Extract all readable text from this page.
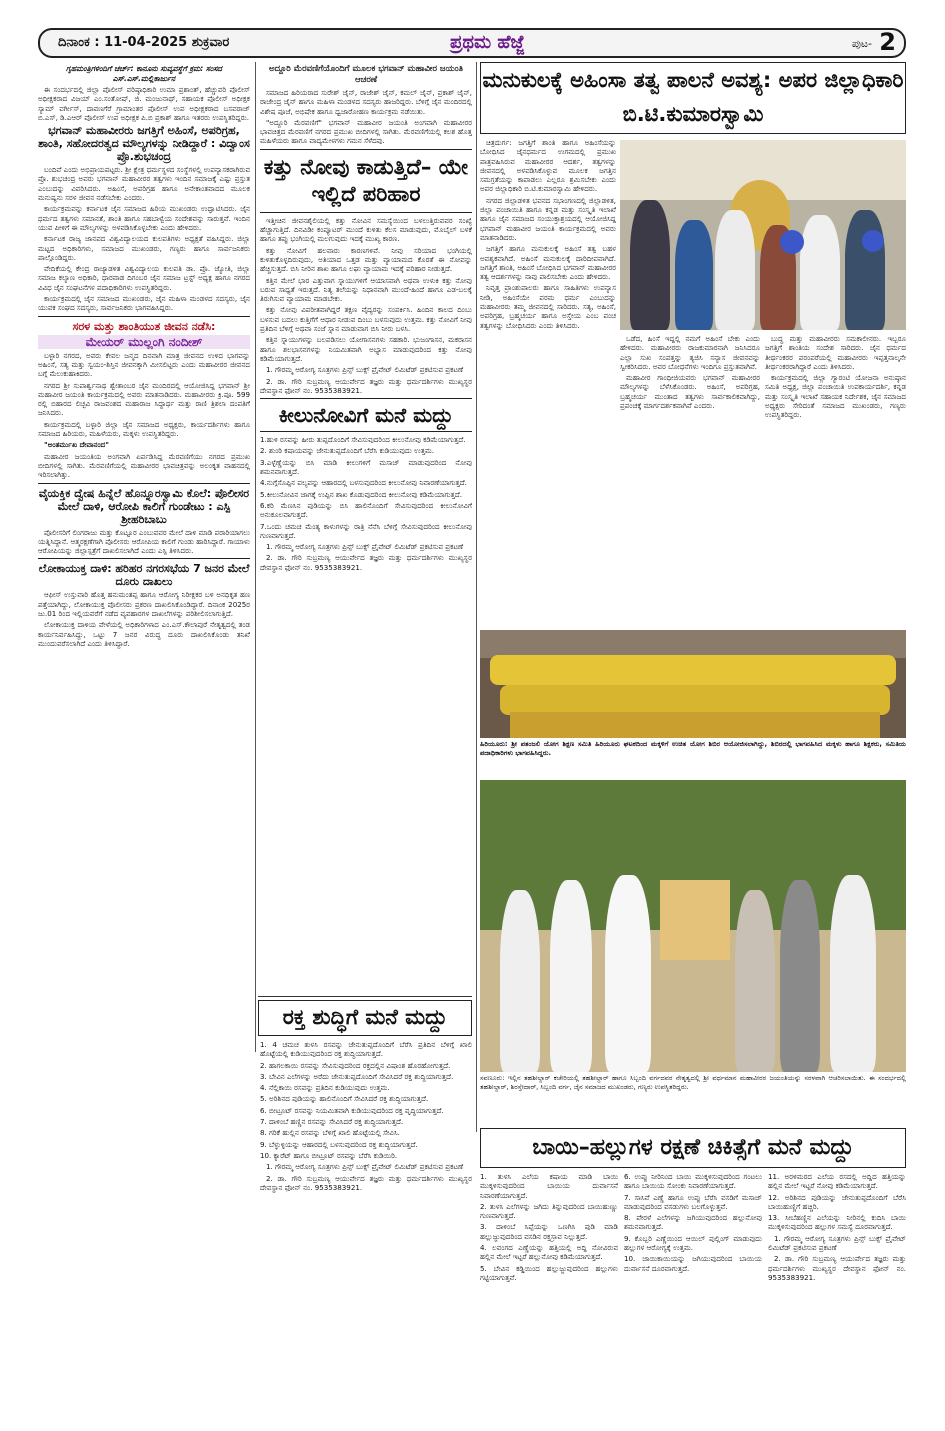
ದಿನಾಂಕ : 11-04-2025 ಶುಕ್ರವಾರ	ಪ್ರಥಮ ಹೆಜ್ಜೆ	ಪುಟ- 2
ಗೃಹಮಂತ್ರಿಗಳಿಂದಿಗೆ ಚರ್ಚ್: ಕಾನೂನು ಸುವ್ಯವಸ್ಥೆಗೆ ಕ್ರಮ: ಸಂಸದ ಎಸ್.ಎಸ್.ಮಲ್ಲಿಕಾರ್ಜುನ

ಈ ಸಂದರ್ಭದಲ್ಲಿ ಜಿಲ್ಲಾ ಪೊಲೀಸ್ ವರಿಷ್ಠಾಧಿಕಾರಿ ಉಮಾ ಪ್ರಶಾಂತ್, ಹೆಚ್ಚುವರಿ ಪೊಲೀಸ್ ಅಧೀಕ್ಷಕರಾದ ವಿಜಯ್ ಎಂ.ಸಂತೋಷ್, ಜಿ. ಮಂಜುನಾಥ್, ಸಹಾಯಕ ಪೊಲೀಸ್ ಅಧೀಕ್ಷಕ ಸ್ಯಾಮ್ ವರ್ಗೀಸ್, ದಾವಣಗೆರೆ ಗ್ರಾಮಾಂತರ ಪೊಲೀಸ್ ಉಪ ಅಧೀಕ್ಷಕರಾದ ಬಸವರಾಜ್ ಬಿ.ಎಸ್, ಡಿ.ಎಆರ್ ಪೊಲೀಸ್ ಉಪ ಅಧೀಕ್ಷಕ ಪಿ.ಬಿ ಪ್ರಕಾಶ್ ಹಾಗೂ ಇತರರು ಉಪಸ್ಥಿತರಿದ್ದರು.

ಭಗವಾನ್ ಮಹಾವೀರರು ಜಗತ್ತಿಗೆ ಅಹಿಂಸೆ, ಅಪರಿಗ್ರಹ, ಶಾಂತಿ, ಸಹೋದರತ್ವದ ಮೌಲ್ಯಗಳನ್ನು ನೀಡಿದ್ದಾರೆ : ವಿದ್ವಾಂಸ ಪ್ರೊ.ಶುಭಚಂದ್ರ

ಬಂದಿವೆ ಎಂದು ಅಭಿಪ್ರಾಯಪಟ್ಟರು. ಶ್ರೀ ಕ್ಷೇತ್ರ ಧರ್ಮಸ್ಥಳದ ಸಂಸ್ಥೆಗಳಲ್ಲಿ ಉಪನ್ಯಾಸಕರಾಗಿರುವ ಪ್ರೊ. ಶುಭಚಂದ್ರ ಅವರು ಭಗವಾನ್ ಮಹಾವೀರರ ತತ್ವಗಳು ಇಂದಿನ ಸಮಾಜಕ್ಕೆ ಎಷ್ಟು ಪ್ರಸ್ತುತ ಎಂಬುದನ್ನು ವಿವರಿಸಿದರು. ಅಹಿಂಸೆ, ಅಪರಿಗ್ರಹ ಹಾಗೂ ಅನೇಕಾಂತವಾದದ ಮೂಲಕ ಮನುಷ್ಯನು ಸರಳ ಜೀವನ ನಡೆಸಬೇಕು ಎಂದರು.

ಕಾರ್ಯಕ್ರಮವನ್ನು ಕರ್ನಾಟಕ ಜೈನ ಸಮಾಜದ ಹಿರಿಯ ಮುಖಂಡರು ಉದ್ಘಾಟಿಸಿದರು. ಜೈನ ಧರ್ಮದ ತತ್ವಗಳು ಸಮಾನತೆ, ಶಾಂತಿ ಹಾಗೂ ಸಹಬಾಳ್ವೆಯ ಸಂದೇಶವನ್ನು ಸಾರುತ್ತವೆ. ಇಂದಿನ ಯುವ ಪೀಳಿಗೆ ಈ ಮೌಲ್ಯಗಳನ್ನು ಅಳವಡಿಸಿಕೊಳ್ಳಬೇಕು ಎಂದು ಹೇಳಿದರು.

ಕರ್ನಾಟಕ ರಾಜ್ಯ ಜಾನಪದ ವಿಶ್ವವಿದ್ಯಾಲಯದ ಕುಲಪತಿಗಳು ಅಧ್ಯಕ್ಷತೆ ವಹಿಸಿದ್ದರು. ಜಿಲ್ಲಾ ಮಟ್ಟದ ಅಧಿಕಾರಿಗಳು, ಸಮಾಜದ ಮುಖಂಡರು, ಗಣ್ಯರು ಹಾಗೂ ಸಾರ್ವಜನಿಕರು ಪಾಲ್ಗೊಂಡಿದ್ದರು.

ವೇದಿಕೆಯಲ್ಲಿ ಕೇಂದ್ರ ರಾಜ್ಯಾಡಳಿತ ವಿಶ್ವವಿದ್ಯಾಲಯ ಕುಲಪತಿ ಡಾ. ಪ್ರೊ. ಜ್ಯೋತಿ, ಜಿಲ್ಲಾ ಸಮಾಜ ಕಲ್ಯಾಣ ಅಧಿಕಾರಿ, ಧಾರವಾಡ ದಿಗಂಬರ ಜೈನ ಸಮಾಜ ಟ್ರಸ್ಟ್ ಅಧ್ಯಕ್ಷ ಹಾಗೂ ನಗರದ ವಿವಿಧ ಜೈನ ಸಂಘಟನೆಗಳ ಪದಾಧಿಕಾರಿಗಳು ಉಪಸ್ಥಿತರಿದ್ದರು.

ಕಾರ್ಯಕ್ರಮದಲ್ಲಿ ಜೈನ ಸಮಾಜದ ಮುಖಂಡರು, ಜೈನ ಮಹಿಳಾ ಮಂಡಳದ ಸದಸ್ಯರು, ಜೈನ ಯುವಕ ಸಂಘದ ಸದಸ್ಯರು, ಸಾರ್ವಜನಿಕರು ಭಾಗವಹಿಸಿದ್ದರು.

ಸರಳ ಮತ್ತು ಶಾಂತಿಯುತ ಜೀವನ ನಡೆಸಿ:
ಮೇಯರ್ ಮುಲ್ಲಂಗಿ ನಂದೀಶ್

ಬಳ್ಳಾರಿ ನಗರದ, ಅವರು ಕೇವಲ ಜನ್ಮದ ದಿನವಾಗಿ ಮಾತ್ರ ಜೀವನದ ಉಳಿದ ಭಾಗವನ್ನು ಅಹಿಂಸೆ, ಸತ್ಯ ಮತ್ತು ಸ್ವಯಂ-ಶಿಸ್ತಿನ ಜೀವನಕ್ಕಾಗಿ ಮೀಸಲಿಟ್ಟರು ಎಂದು ಮಹಾವೀರರ ಜೀವನದ ಬಗ್ಗೆ ಮೆಲುಕುಹಾಕಿದರು.

ನಗರದ ಶ್ರೀ ಸುಪಾರ್ಶ್ವನಾಥ ಶ್ವೇತಾಂಬರ ಜೈನ ಮಂದಿರದಲ್ಲಿ ಆಯೋಜಿಸಿದ್ದ ಭಗವಾನ್ ಶ್ರೀ ಮಹಾವೀರ ಜಯಂತಿ ಕಾರ್ಯಕ್ರಮದಲ್ಲಿ ಅವರು ಮಾತನಾಡಿದರು. ಮಹಾವೀರರು ಕ್ರಿ.ಪೂ. 599 ರಲ್ಲಿ ಬಿಹಾರದ ಲಿಚ್ಛವಿ ರಾಜವಂಶದ ಮಹಾರಾಜ ಸಿದ್ಧಾರ್ಥ ಮತ್ತು ರಾಣಿ ತ್ರಿಶಲಾ ದಂಪತಿಗೆ ಜನಿಸಿದರು.

ಕಾರ್ಯಕ್ರಮದಲ್ಲಿ ಬಳ್ಳಾರಿ ಜಿಲ್ಲಾ ಜೈನ ಸಮಾಜದ ಅಧ್ಯಕ್ಷರು, ಕಾರ್ಯದರ್ಶಿಗಳು ಹಾಗೂ ಸಮಾಜದ ಹಿರಿಯರು, ಮಹಿಳೆಯರು, ಮಕ್ಕಳು ಉಪಸ್ಥಿತರಿದ್ದರು.

"ಅಂತರ್ಮುಖ ದೇವಾನಂದ"

ಮಹಾವೀರ ಜಯಂತಿಯ ಅಂಗವಾಗಿ ಏರ್ಪಡಿಸಿದ್ದ ಮೆರವಣಿಗೆಯು ನಗರದ ಪ್ರಮುಖ ಬೀದಿಗಳಲ್ಲಿ ಸಾಗಿತು. ಮೆರವಣಿಗೆಯಲ್ಲಿ ಮಹಾವೀರರ ಭಾವಚಿತ್ರವನ್ನು ಅಲಂಕೃತ ವಾಹನದಲ್ಲಿ ಇರಿಸಲಾಗಿತ್ತು.

ವೈಯಕ್ತಿಕ ದ್ವೇಷ ಹಿನ್ನೆಲೆ ಹೊನ್ನೂರಸ್ವಾಮಿ ಕೊಲೆ: ಪೊಲೀಸರ ಮೇಲೆ ದಾಳಿ, ಆರೋಪಿ ಕಾಲಿಗೆ ಗುಂಡೇಟು : ಎಸ್ಪಿ ಶ್ರೀಹರಿಬಾಬು

ಪೊಲೀಸರಿಗೆ ಲಿಂಗರಾಜು ಮತ್ತು ಕೊಟ್ಟೂರ ಎಂಬುವವರ ಮೇಲೆ ದಾಳಿ ಮಾಡಿ ಪರಾರಿಯಾಗಲು ಯತ್ನಿಸಿದ್ದಾನೆ. ಆತ್ಮರಕ್ಷಣೆಗಾಗಿ ಪೊಲೀಸರು ಆರೋಪಿಯ ಕಾಲಿಗೆ ಗುಂಡು ಹಾರಿಸಿದ್ದಾರೆ. ಗಾಯಾಳು ಆರೋಪಿಯನ್ನು ಜಿಲ್ಲಾಸ್ಪತ್ರೆಗೆ ದಾಖಲಿಸಲಾಗಿದೆ ಎಂದು ಎಸ್ಪಿ ತಿಳಿಸಿದರು.

ಲೋಕಾಯುಕ್ತ ದಾಳಿ: ಹರಿಹರ ನಗರಸಭೆಯ 7 ಜನರ ಮೇಲೆ ದೂರು ದಾಖಲು

ಆಫೀಸ್ ಉಸ್ತುವಾರಿ ಹೊತ್ತ ಹನುಮಂತಪ್ಪ ಹಾಗೂ ಆರೋಗ್ಯ ನಿರೀಕ್ಷಕರ ಬಳಿ ಅನಧಿಕೃತ ಹಣ ಪತ್ತೆಯಾಗಿದ್ದು, ಲೋಕಾಯುಕ್ತ ಪೊಲೀಸರು ಪ್ರಕರಣ ದಾಖಲಿಸಿಕೊಂಡಿದ್ದಾರೆ. ದಿನಾಂಕ 2025ರ ಜು.01 ರಿಂದ ಇಲ್ಲಿಯವರೆಗೆ ನಡೆದ ವ್ಯವಹಾರಗಳ ದಾಖಲೆಗಳನ್ನು ಪರಿಶೀಲಿಸಲಾಗುತ್ತಿದೆ.

ಲೋಕಾಯುಕ್ತ ದಾಳಿಯ ವೇಳೆಯಲ್ಲಿ ಅಧಿಕಾರಿಗಳಾದ ಎಂ.ಎಸ್.ಕೌಲಾಪುರೆ ನೇತೃತ್ವದಲ್ಲಿ ತಂಡ ಕಾರ್ಯನಿರ್ವಹಿಸಿದ್ದು, ಒಟ್ಟು 7 ಜನರ ವಿರುದ್ಧ ದೂರು ದಾಖಲಿಸಿಕೊಂಡು ತನಿಖೆ ಮುಂದುವರೆಸಲಾಗಿದೆ ಎಂದು ತಿಳಿಸಿದ್ದಾರೆ.

ಅದ್ದೂರಿ ಮೆರವಣಿಗೆಯೊಂದಿಗೆ ಮೂಲಕ ಭಗವಾನ್ ಮಹಾವೀರ ಜಯಂತಿ ಆಚರಣೆ

ಸಮಾಜದ ಹಿರಿಯರಾದ ಸುರೇಶ್ ಜೈನ್, ರಾಜೇಶ್ ಜೈನ್, ಕಮಲ್ ಜೈನ್, ಪ್ರಕಾಶ್ ಜೈನ್, ರಾಜೇಂದ್ರ ಜೈನ್ ಹಾಗೂ ಮಹಿಳಾ ಮಂಡಳದ ಸದಸ್ಯರು ಹಾಜರಿದ್ದರು. ಬೆಳಿಗ್ಗೆ ಜೈನ ಮಂದಿರದಲ್ಲಿ ವಿಶೇಷ ಪೂಜೆ, ಅಭಿಷೇಕ ಹಾಗೂ ಧ್ವಜಾರೋಹಣ ಕಾರ್ಯಕ್ರಮ ನಡೆಯಿತು.

"ಅದ್ದೂರಿ ಮೆರವಣಿಗೆ" ಭಗವಾನ್ ಮಹಾವೀರ ಜಯಂತಿ ಅಂಗವಾಗಿ ಮಹಾವೀರರ ಭಾವಚಿತ್ರದ ಮೆರವಣಿಗೆ ನಗರದ ಪ್ರಮುಖ ಬೀದಿಗಳಲ್ಲಿ ಸಾಗಿತು. ಮೆರವಣಿಗೆಯಲ್ಲಿ ಕಲಶ ಹೊತ್ತ ಮಹಿಳೆಯರು ಹಾಗೂ ವಾದ್ಯಮೇಳಗಳು ಗಮನ ಸೆಳೆದವು.

ಕತ್ತು ನೋವು ಕಾಡುತ್ತಿದೆ– ಯೇ ಇಲ್ಲಿದೆ ಪರಿಹಾರ

ಇತ್ತೀಚಿನ ಜೀವನಶೈಲಿಯಲ್ಲಿ ಕತ್ತು ನೋವಿನ ಸಮಸ್ಯೆಯಿಂದ ಬಳಲುತ್ತಿರುವವರ ಸಂಖ್ಯೆ ಹೆಚ್ಚಾಗುತ್ತಿದೆ. ದಿನವಿಡೀ ಕಂಪ್ಯೂಟರ್ ಮುಂದೆ ಕುಳಿತು ಕೆಲಸ ಮಾಡುವುದು, ಮೊಬೈಲ್ ಬಳಕೆ ಹಾಗೂ ತಪ್ಪು ಭಂಗಿಯಲ್ಲಿ ಮಲಗುವುದು ಇದಕ್ಕೆ ಮುಖ್ಯ ಕಾರಣ.

ಕತ್ತು ನೋವಿಗೆ ಹಲವಾರು ಕಾರಣಗಳಿವೆ. ನೀವು ಸರಿಯಾದ ಭಂಗಿಯಲ್ಲಿ ಕುಳಿತುಕೊಳ್ಳದಿರುವುದು, ಅತಿಯಾದ ಒತ್ತಡ ಮತ್ತು ವ್ಯಾಯಾಮದ ಕೊರತೆ ಈ ನೋವನ್ನು ಹೆಚ್ಚಿಸುತ್ತದೆ. ಬಿಸಿ ನೀರಿನ ಶಾಖ ಹಾಗೂ ಲಘು ವ್ಯಾಯಾಮ ಇದಕ್ಕೆ ಪರಿಹಾರ ನೀಡುತ್ತದೆ.

ಕತ್ತಿನ ಮೇಲೆ ಭಾರ ಎತ್ತುವಾಗ ಸ್ನಾಯುಗಳಿಗೆ ಆಯಾಸವಾಗಿ ಅಥವಾ ಉಳುಕಿ ಕತ್ತು ನೋವು ಬರುವ ಸಾಧ್ಯತೆ ಇರುತ್ತದೆ. ನಿತ್ಯ ತಲೆಯನ್ನು ನಿಧಾನವಾಗಿ ಮುಂದೆ-ಹಿಂದೆ ಹಾಗೂ ಎಡ-ಬಲಕ್ಕೆ ತಿರುಗಿಸುವ ವ್ಯಾಯಾಮ ಮಾಡಬೇಕು.

ಕತ್ತು ನೋವು ವಿಪರೀತವಾಗಿದ್ದರೆ ತಕ್ಷಣ ವೈದ್ಯರನ್ನು ಸಂಪರ್ಕಿಸಿ. ಹಿಂದಿನ ಕಾಲದ ದಿಂಬು ಬಳಸುವ ಬದಲು ಕುತ್ತಿಗೆಗೆ ಆಧಾರ ನೀಡುವ ದಿಂಬು ಬಳಸುವುದು ಉತ್ತಮ. ಕತ್ತು ನೋವಿಗೆ ನೀವು ಪ್ರತಿದಿನ ಬೆಳಿಗ್ಗೆ ಅಥವಾ ಸಂಜೆ ಸ್ನಾನ ಮಾಡುವಾಗ ಬಿಸಿ ನೀರು ಬಳಸಿ.

ಕತ್ತಿನ ಸ್ನಾಯುಗಳನ್ನು ಬಲಪಡಿಸಲು ಯೋಗಾಸನಗಳು ಸಹಕಾರಿ. ಭುಜಂಗಾಸನ, ಮಕರಾಸನ ಹಾಗೂ ಶಲಭಾಸನಗಳನ್ನು ನಿಯಮಿತವಾಗಿ ಅಭ್ಯಾಸ ಮಾಡುವುದರಿಂದ ಕತ್ತು ನೋವು ಕಡಿಮೆಯಾಗುತ್ತದೆ.

1. ಗೌರಮ್ಮ ಆರೋಗ್ಯ ಸೂತ್ರಗಳು ಪ್ರಿನ್ಸ್ ಬುಕ್ಸ್ ಪ್ರೈವೇಟ್ ಲಿಮಿಟೆಡ್ ಪ್ರಕಟಿಸುವ ಪ್ರಕಟಣೆ

2. ಡಾ. ಗೌರಿ ಸುಬ್ರಮಣ್ಯ ಆಯುರ್ವೇದ ತಜ್ಞರು ಮತ್ತು ಧರ್ಮದರ್ಶಿಗಳು ಮುಖ್ಯಸ್ಥರ ದೇವಸ್ಥಾನ ಫೋನ್ ನಂ. 9535383921.

ಕೀಲುನೋವಿಗೆ ಮನೆ ಮದ್ದು
1.ಹುಳಿ ರಸವನ್ನು ಹೀರು ತುಪ್ಪದೊಂದಿಗೆ ಸೇವಿಸುವುದರಿಂದ ಕೀಲುನೋವು ಕಡಿಮೆಯಾಗುತ್ತದೆ.
2. ಶುಂಠಿ ಕಷಾಯವನ್ನು ಜೇನುತುಪ್ಪದೊಂದಿಗೆ ಬೆರೆಸಿ ಕುಡಿಯುವುದು ಉತ್ತಮ.
3.ಎಳ್ಳೆಣ್ಣೆಯನ್ನು ಬಿಸಿ ಮಾಡಿ ಕೀಲುಗಳಿಗೆ ಮಸಾಜ್ ಮಾಡುವುದರಿಂದ ನೋವು ಶಮನವಾಗುತ್ತದೆ.
4.ನುಗ್ಗೆಸೊಪ್ಪಿನ ಪಲ್ಯವನ್ನು ಆಹಾರದಲ್ಲಿ ಬಳಸುವುದರಿಂದ ಕೀಲುನೋವು ನಿವಾರಣೆಯಾಗುತ್ತದೆ.
5.ಕೀಲುನೋವಿನ ಜಾಗಕ್ಕೆ ಉಪ್ಪಿನ ಶಾಖ ಕೊಡುವುದರಿಂದ ಕೀಲುನೋವು ಕಡಿಮೆಯಾಗುತ್ತದೆ.
6.ಕರಿ ಮೆಣಸಿನ ಪುಡಿಯನ್ನು ಬಿಸಿ ಹಾಲಿನೊಂದಿಗೆ ಸೇವಿಸುವುದರಿಂದ ಕೀಲುನೋವಿಗೆ ಅನುಕೂಲವಾಗುತ್ತದೆ.
7.ಒಂದು ಚಮಚ ಮೆಂತ್ಯ ಕಾಳುಗಳನ್ನು ರಾತ್ರಿ ನೆನೆಸಿ ಬೆಳಿಗ್ಗೆ ಸೇವಿಸುವುದರಿಂದ ಕೀಲುನೋವು ಗುಣವಾಗುತ್ತದೆ.

1. ಗೌರಮ್ಮ ಆರೋಗ್ಯ ಸೂತ್ರಗಳು ಪ್ರಿನ್ಸ್ ಬುಕ್ಸ್ ಪ್ರೈವೇಟ್ ಲಿಮಿಟೆಡ್ ಪ್ರಕಟಿಸುವ ಪ್ರಕಟಣೆ

2. ಡಾ. ಗೌರಿ ಸುಬ್ರಮಣ್ಯ ಆಯುರ್ವೇದ ತಜ್ಞರು ಮತ್ತು ಧರ್ಮದರ್ಶಿಗಳು ಮುಖ್ಯಸ್ಥರ ದೇವಸ್ಥಾನ ಫೋನ್ ನಂ. 9535383921.

ರಕ್ತ ಶುದ್ಧಿಗೆ ಮನೆ ಮದ್ದು
1. 4 ಚಮಚ ತುಳಸಿ ರಸವನ್ನು ಜೇನುತುಪ್ಪದೊಂದಿಗೆ ಬೆರೆಸಿ ಪ್ರತಿದಿನ ಬೆಳಿಗ್ಗೆ ಖಾಲಿ ಹೊಟ್ಟೆಯಲ್ಲಿ ಕುಡಿಯುವುದರಿಂದ ರಕ್ತ ಶುದ್ಧಿಯಾಗುತ್ತದೆ.
2. ಹಾಗಲಕಾಯಿ ರಸವನ್ನು ಸೇವಿಸುವುದರಿಂದ ರಕ್ತದಲ್ಲಿನ ವಿಷಾಂಶ ಹೊರಹೋಗುತ್ತದೆ.
3. ಬೇವಿನ ಎಲೆಗಳನ್ನು ಅರೆದು ಜೇನುತುಪ್ಪದೊಂದಿಗೆ ಸೇವಿಸಿದರೆ ರಕ್ತ ಶುದ್ಧಿಯಾಗುತ್ತದೆ.
4. ನೆಲ್ಲಿಕಾಯಿ ರಸವನ್ನು ಪ್ರತಿದಿನ ಕುಡಿಯುವುದು ಉತ್ತಮ.
5. ಅರಿಶಿನದ ಪುಡಿಯನ್ನು ಹಾಲಿನೊಂದಿಗೆ ಸೇವಿಸಿದರೆ ರಕ್ತ ಶುದ್ಧಿಯಾಗುತ್ತದೆ.
6. ಬೀಟ್ರೂಟ್ ರಸವನ್ನು ನಿಯಮಿತವಾಗಿ ಕುಡಿಯುವುದರಿಂದ ರಕ್ತ ವೃದ್ಧಿಯಾಗುತ್ತದೆ.
7. ದಾಳಿಂಬೆ ಹಣ್ಣಿನ ರಸವನ್ನು ಸೇವಿಸಿದರೆ ರಕ್ತ ಶುದ್ಧಿಯಾಗುತ್ತದೆ.
8. ಗರಿಕೆ ಹುಲ್ಲಿನ ರಸವನ್ನು ಬೆಳಿಗ್ಗೆ ಖಾಲಿ ಹೊಟ್ಟೆಯಲ್ಲಿ ಸೇವಿಸಿ.
9. ಬೆಳ್ಳುಳ್ಳಿಯನ್ನು ಆಹಾರದಲ್ಲಿ ಬಳಸುವುದರಿಂದ ರಕ್ತ ಶುದ್ಧಿಯಾಗುತ್ತದೆ.
10. ಕ್ಯಾರೆಟ್ ಹಾಗೂ ಬೀಟ್ರೂಟ್ ರಸವನ್ನು ಬೆರೆಸಿ ಕುಡಿಯಿರಿ.

1. ಗೌರಮ್ಮ ಆರೋಗ್ಯ ಸೂತ್ರಗಳು ಪ್ರಿನ್ಸ್ ಬುಕ್ಸ್ ಪ್ರೈವೇಟ್ ಲಿಮಿಟೆಡ್ ಪ್ರಕಟಿಸುವ ಪ್ರಕಟಣೆ

2. ಡಾ. ಗೌರಿ ಸುಬ್ರಮಣ್ಯ ಆಯುರ್ವೇದ ತಜ್ಞರು ಮತ್ತು ಧರ್ಮದರ್ಶಿಗಳು ಮುಖ್ಯಸ್ಥರ ದೇವಸ್ಥಾನ ಫೋನ್ ನಂ. 9535383921.

ಮನುಕುಲಕ್ಕೆ ಅಹಿಂಸಾ ತತ್ವ ಪಾಲನೆ ಅವಶ್ಯ: ಅಪರ ಜಿಲ್ಲಾಧಿಕಾರಿ ಬಿ.ಟಿ.ಕುಮಾರಸ್ವಾಮಿ

ಚಿತ್ರದುರ್ಗ: ಜಗತ್ತಿಗೆ ಶಾಂತಿ ಹಾಗೂ ಅಹಿಂಸೆಯನ್ನು ಬೋಧಿಸಿದ ಜೈನಧರ್ಮದ ಉಗಮದಲ್ಲಿ ಪ್ರಮುಖ ಪಾತ್ರವಹಿಸಿರುವ ಮಹಾವೀರರ ಆದರ್ಶ, ತತ್ವಗಳನ್ನು ಜೀವನದಲ್ಲಿ ಅಳವಡಿಸಿಕೊಳ್ಳುವ ಮೂಲಕ ಜಗತ್ತಿನ ಸಮಗ್ರತೆಯನ್ನು ಕಾಪಾಡಲು ಎಲ್ಲರೂ ಶ್ರಮಿಸಬೇಕು ಎಂದು ಅಪರ ಜಿಲ್ಲಾಧಿಕಾರಿ ಬಿ.ಟಿ.ಕುಮಾರಸ್ವಾಮಿ ಹೇಳಿದರು.

ನಗರದ ಜಿಲ್ಲಾಡಳಿತ ಭವನದ ಸಭಾಂಗಣದಲ್ಲಿ ಜಿಲ್ಲಾಡಳಿತ, ಜಿಲ್ಲಾ ಪಂಚಾಯಿತಿ ಹಾಗೂ ಕನ್ನಡ ಮತ್ತು ಸಂಸ್ಕೃತಿ ಇಲಾಖೆ ಹಾಗೂ ಜೈನ ಸಮಾಜದ ಸಂಯುಕ್ತಾಶ್ರಯದಲ್ಲಿ ಆಯೋಜಿಸಿದ್ದ ಭಗವಾನ್ ಮಹಾವೀರ ಜಯಂತಿ ಕಾರ್ಯಕ್ರಮದಲ್ಲಿ ಅವರು ಮಾತನಾಡಿದರು.

ಜಗತ್ತಿಗೆ ಹಾಗೂ ಮನುಕುಲಕ್ಕೆ ಅಹಿಂಸೆ ತತ್ವ ಬಹಳ ಅವಶ್ಯಕವಾಗಿದೆ. ಅಹಿಂಸೆ ಮನುಕುಲಕ್ಕೆ ದಾರಿದೀಪವಾಗಿದೆ. ಜಗತ್ತಿಗೆ ಶಾಂತಿ, ಅಹಿಂಸೆ ಬೋಧಿಸಿದ ಭಗವಾನ್ ಮಹಾವೀರರ ತತ್ವ ಆದರ್ಶಗಳನ್ನು ನಾವು ಪಾಲಿಸಬೇಕು ಎಂದು ಹೇಳಿದರು.

ನಿವೃತ್ತ ಪ್ರಾಂಶುಪಾಲರು ಹಾಗೂ ಸಾಹಿತಿಗಳು ಉಪನ್ಯಾಸ ನೀಡಿ, ಅಹಿಂಸೆಯೇ ಪರಮ ಧರ್ಮ ಎಂಬುದನ್ನು ಮಹಾವೀರರು ತಮ್ಮ ಜೀವನದಲ್ಲಿ ಸಾರಿದರು. ಸತ್ಯ, ಅಹಿಂಸೆ, ಅಪರಿಗ್ರಹ, ಬ್ರಹ್ಮಚರ್ಯ ಹಾಗೂ ಅಸ್ತೇಯ ಎಂಬ ಪಂಚ ತತ್ವಗಳನ್ನು ಬೋಧಿಸಿದರು ಎಂದು ತಿಳಿಸಿದರು.

ಒಡೆದ, ಹಿಂಸೆ ಇದ್ದಲ್ಲಿ ನಮಗೆ ಅಹಿಂಸೆ ಬೇಕು ಎಂದು ಹೇಳಿದರು. ಮಹಾವೀರರು ರಾಜಕುಮಾರನಾಗಿ ಜನಿಸಿದರೂ ಎಲ್ಲಾ ಸುಖ ಸಂಪತ್ತನ್ನು ತ್ಯಜಿಸಿ ಸನ್ಯಾಸ ಜೀವನವನ್ನು ಸ್ವೀಕರಿಸಿದರು. ಅವರ ಬೋಧನೆಗಳು ಇಂದಿಗೂ ಪ್ರಸ್ತುತವಾಗಿವೆ.

ಮಹಾವೀರ ಗಾಂಧೀಜಿಯವರು ಭಗವಾನ್ ಮಹಾವೀರರ ಮೌಲ್ಯಗಳನ್ನು ಬೆಳೆಸಿಕೊಂಡರು. ಅಹಿಂಸೆ, ಅಪರಿಗ್ರಹ, ಬ್ರಹ್ಮಚರ್ಯ ಮುಂತಾದ ತತ್ವಗಳು ಸಾರ್ವಕಾಲಿಕವಾಗಿದ್ದು, ಪ್ರಪಂಚಕ್ಕೆ ಮಾರ್ಗದರ್ಶಕವಾಗಿವೆ ಎಂದರು.

ಬುದ್ಧ ಮತ್ತು ಮಹಾವೀರರು ಸಮಕಾಲೀನರು. ಇಬ್ಬರೂ ಜಗತ್ತಿಗೆ ಶಾಂತಿಯ ಸಂದೇಶ ಸಾರಿದರು. ಜೈನ ಧರ್ಮದ ತೀರ್ಥಂಕರರ ಪರಂಪರೆಯಲ್ಲಿ ಮಹಾವೀರರು ಇಪ್ಪತ್ತನಾಲ್ಕನೇ ತೀರ್ಥಂಕರರಾಗಿದ್ದಾರೆ ಎಂದು ತಿಳಿಸಿದರು.

ಕಾರ್ಯಕ್ರಮದಲ್ಲಿ ಜಿಲ್ಲಾ ಗ್ಯಾರಂಟಿ ಯೋಜನಾ ಅನುಷ್ಠಾನ ಸಮಿತಿ ಅಧ್ಯಕ್ಷ, ಜಿಲ್ಲಾ ಪಂಚಾಯಿತಿ ಉಪಕಾರ್ಯದರ್ಶಿ, ಕನ್ನಡ ಮತ್ತು ಸಂಸ್ಕೃತಿ ಇಲಾಖೆ ಸಹಾಯಕ ನಿರ್ದೇಶಕ, ಜೈನ ಸಮಾಜದ ಅಧ್ಯಕ್ಷರು ಸೇರಿದಂತೆ ಸಮಾಜದ ಮುಖಂಡರು, ಗಣ್ಯರು ಉಪಸ್ಥಿತರಿದ್ದರು.

ಹಿರಿಯೂರು: ಶ್ರೀ ಪತಂಜಲಿ ಯೋಗ ಶಿಕ್ಷಣ ಸಮಿತಿ ಹಿರಿಯೂರು ಘಟಕದಿಂದ ಮಕ್ಕಳಿಗೆ ಉಚಿತ ಯೋಗ ಶಿಬಿರ ಆಯೋಜಿಸಲಾಗಿದ್ದು, ಶಿಬಿರದಲ್ಲಿ ಭಾಗವಹಿಸಿದ ಮಕ್ಕಳು ಹಾಗೂ ಶಿಕ್ಷಕರು, ಸಮಿತಿಯ ಪದಾಧಿಕಾರಿಗಳು ಭಾಗವಹಿಸಿದ್ದರು.
ಸವಣೂರು: ಇಲ್ಲಿನ ತಹಶೀಲ್ದಾರ್ ಕಚೇರಿಯಲ್ಲಿ ತಹಶೀಲ್ದಾರ್ ಹಾಗೂ ಸಿಬ್ಬಂದಿ ವರ್ಗದವರ ನೇತೃತ್ವದಲ್ಲಿ ಶ್ರೀ ವರ್ಧಮಾನ ಮಹಾವೀರರ ಜಯಂತಿಯನ್ನು ಸರಳವಾಗಿ ಆಚರಿಸಲಾಯಿತು. ಈ ಸಂದರ್ಭದಲ್ಲಿ ತಹಶೀಲ್ದಾರ್, ಶಿರಸ್ತೇದಾರ್, ಸಿಬ್ಬಂದಿ ವರ್ಗ, ಜೈನ ಸಮಾಜದ ಮುಖಂಡರು, ಗಣ್ಯರು ಉಪಸ್ಥಿತರಿದ್ದರು.
ಬಾಯಿ–ಹಲ್ಲುಗಳ ರಕ್ಷಣೆ ಚಿಕಿತ್ಸೆಗೆ ಮನೆ ಮದ್ದು
1. ತುಳಸಿ ಎಲೆಯ ಕಷಾಯ ಮಾಡಿ ಬಾಯಿ ಮುಕ್ಕಳಿಸುವುದರಿಂದ ಬಾಯಿಯ ದುರ್ವಾಸನೆ ನಿವಾರಣೆಯಾಗುತ್ತದೆ.
2. ತುಳಸಿ ಎಲೆಗಳನ್ನು ಜಗಿದು ತಿನ್ನುವುದರಿಂದ ಬಾಯಿಹುಣ್ಣು ಗುಣವಾಗುತ್ತದೆ.
3. ದಾಳಿಂಬೆ ಸಿಪ್ಪೆಯನ್ನು ಒಣಗಿಸಿ ಪುಡಿ ಮಾಡಿ ಹಲ್ಲುಜ್ಜುವುದರಿಂದ ವಸಡಿನ ರಕ್ತಸ್ರಾವ ನಿಲ್ಲುತ್ತದೆ.
4. ಲವಂಗದ ಎಣ್ಣೆಯನ್ನು ಹತ್ತಿಯಲ್ಲಿ ಅದ್ದಿ ನೋವಿರುವ ಹಲ್ಲಿನ ಮೇಲೆ ಇಟ್ಟರೆ ಹಲ್ಲುನೋವು ಕಡಿಮೆಯಾಗುತ್ತದೆ.
5. ಬೇವಿನ ಕಡ್ಡಿಯಿಂದ ಹಲ್ಲುಜ್ಜುವುದರಿಂದ ಹಲ್ಲುಗಳು ಗಟ್ಟಿಯಾಗುತ್ತವೆ.
6. ಉಪ್ಪು ನೀರಿನಿಂದ ಬಾಯಿ ಮುಕ್ಕಳಿಸುವುದರಿಂದ ಗಂಟಲು ಹಾಗೂ ಬಾಯಿಯ ಸೋಂಕು ನಿವಾರಣೆಯಾಗುತ್ತದೆ.
7. ಸಾಸಿವೆ ಎಣ್ಣೆ ಹಾಗೂ ಉಪ್ಪು ಬೆರೆಸಿ ವಸಡಿಗೆ ಮಸಾಜ್ ಮಾಡುವುದರಿಂದ ವಸಡುಗಳು ಬಲಗೊಳ್ಳುತ್ತವೆ.
8. ಪೇರಳೆ ಎಲೆಗಳನ್ನು ಜಗಿಯುವುದರಿಂದ ಹಲ್ಲುನೋವು ಶಮನವಾಗುತ್ತದೆ.
9. ಕೊಬ್ಬರಿ ಎಣ್ಣೆಯಿಂದ ಆಯಿಲ್ ಪುಲ್ಲಿಂಗ್ ಮಾಡುವುದು ಹಲ್ಲುಗಳ ಆರೋಗ್ಯಕ್ಕೆ ಉತ್ತಮ.
10. ಜಾಯಿಕಾಯಿಯನ್ನು ಜಗಿಯುವುದರಿಂದ ಬಾಯಿಯ ದುರ್ವಾಸನೆ ದೂರವಾಗುತ್ತದೆ.
11. ಅರಳಿಮರದ ಎಲೆಯ ರಸದಲ್ಲಿ ಅದ್ದಿದ ಹತ್ತಿಯನ್ನು ಹಲ್ಲಿನ ಮೇಲೆ ಇಟ್ಟರೆ ನೋವು ಕಡಿಮೆಯಾಗುತ್ತದೆ.
12. ಅರಿಶಿನದ ಪುಡಿಯನ್ನು ಜೇನುತುಪ್ಪದೊಂದಿಗೆ ಬೆರೆಸಿ ಬಾಯಿಹುಣ್ಣಿಗೆ ಹಚ್ಚಿರಿ.
13. ಸೀಬೆಹಣ್ಣಿನ ಎಲೆಯನ್ನು ನೀರಿನಲ್ಲಿ ಕುದಿಸಿ ಬಾಯಿ ಮುಕ್ಕಳಿಸುವುದರಿಂದ ಹಲ್ಲುಗಳ ಸಮಸ್ಯೆ ದೂರವಾಗುತ್ತದೆ.

1. ಗೌರಮ್ಮ ಆರೋಗ್ಯ ಸೂತ್ರಗಳು ಪ್ರಿನ್ಸ್ ಬುಕ್ಸ್ ಪ್ರೈವೇಟ್ ಲಿಮಿಟೆಡ್ ಪ್ರಕಟಿಸುವ ಪ್ರಕಟಣೆ

2. ಡಾ. ಗೌರಿ ಸುಬ್ರಮಣ್ಯ ಆಯುರ್ವೇದ ತಜ್ಞರು ಮತ್ತು ಧರ್ಮದರ್ಶಿಗಳು ಮುಖ್ಯಸ್ಥರ ದೇವಸ್ಥಾನ ಫೋನ್ ನಂ. 9535383921.
